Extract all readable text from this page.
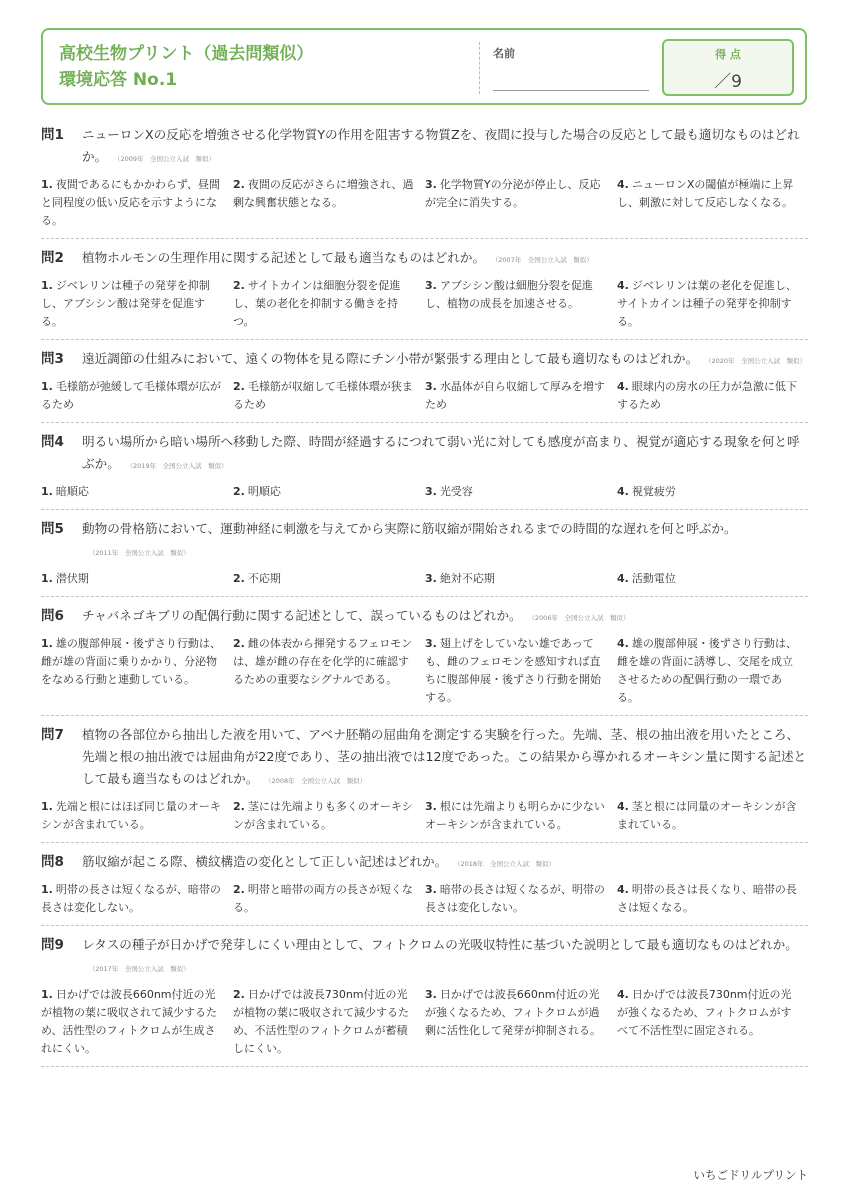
高校生物プリント（過去問類似）
環境応答 No.1
名前	得 点
／9
問1	ニューロンXの反応を増強させる化学物質Yの作用を阻害する物質Zを、夜間に投与した場合の反応として最も適切なものはどれか。 （2009年　全国公立入試　類似）
1. 夜間であるにもかかわらず、昼間と同程度の低い反応を示すようになる。
2. 夜間の反応がさらに増強され、過剰な興奮状態となる。
3. 化学物質Yの分泌が停止し、反応が完全に消失する。
4. ニューロンXの閾値が極端に上昇し、刺激に対して反応しなくなる。
問2	植物ホルモンの生理作用に関する記述として最も適当なものはどれか。 （2007年　全国公立入試　類似）
1. ジベレリンは種子の発芽を抑制し、アブシシン酸は発芽を促進する。
2. サイトカインは細胞分裂を促進し、葉の老化を抑制する働きを持つ。
3. アブシシン酸は細胞分裂を促進し、植物の成長を加速させる。
4. ジベレリンは葉の老化を促進し、サイトカインは種子の発芽を抑制する。
問3	遠近調節の仕組みにおいて、遠くの物体を見る際にチン小帯が緊張する理由として最も適切なものはどれか。 （2020年　全国公立入試　類似）
1. 毛様筋が弛緩して毛様体環が広がるため
2. 毛様筋が収縮して毛様体環が狭まるため
3. 水晶体が自ら収縮して厚みを増すため
4. 眼球内の房水の圧力が急激に低下するため
問4	明るい場所から暗い場所へ移動した際、時間が経過するにつれて弱い光に対しても感度が高まり、視覚が適応する現象を何と呼ぶか。 （2019年　全国公立入試　類似）
1. 暗順応	2. 明順応	3. 光受容	4. 視覚疲労
問5	動物の骨格筋において、運動神経に刺激を与えてから実際に筋収縮が開始されるまでの時間的な遅れを何と呼ぶか。（2011年　全国公立入試　類似）
1. 潜伏期	2. 不応期	3. 絶対不応期	4. 活動電位
問6	チャバネゴキブリの配偶行動に関する記述として、誤っているものはどれか。 （2006年　全国公立入試　類似）
1. 雄の腹部伸展・後ずさり行動は、雌が雄の背面に乗りかかり、分泌物をなめる行動と連動している。
2. 雌の体表から揮発するフェロモンは、雄が雌の存在を化学的に確認するための重要なシグナルである。
3. 翅上げをしていない雄であっても、雌のフェロモンを感知すれば直ちに腹部伸展・後ずさり行動を開始する。
4. 雄の腹部伸展・後ずさり行動は、雌を雄の背面に誘導し、交尾を成立させるための配偶行動の一環である。
問7	植物の各部位から抽出した液を用いて、アベナ胚鞘の屈曲角を測定する実験を行った。先端、茎、根の抽出液を用いたところ、先端と根の抽出液では屈曲角が22度であり、茎の抽出液では12度であった。この結果から導かれるオーキシン量に関する記述として最も適当なものはどれか。 （2008年　全国公立入試　類似）
1. 先端と根にはほぼ同じ量のオーキシンが含まれている。
2. 茎には先端よりも多くのオーキシンが含まれている。
3. 根には先端よりも明らかに少ないオーキシンが含まれている。
4. 茎と根には同量のオーキシンが含まれている。
問8	筋収縮が起こる際、横紋構造の変化として正しい記述はどれか。 （2018年　全国公立入試　類似）
1. 明帯の長さは短くなるが、暗帯の長さは変化しない。
2. 明帯と暗帯の両方の長さが短くなる。
3. 暗帯の長さは短くなるが、明帯の長さは変化しない。
4. 明帯の長さは長くなり、暗帯の長さは短くなる。
問9	レタスの種子が日かげで発芽しにくい理由として、フィトクロムの光吸収特性に基づいた説明として最も適切なものはどれか。（2017年　全国公立入試　類似）
1. 日かげでは波長660nm付近の光が植物の葉に吸収されて減少するため、活性型のフィトクロムが生成されにくい。
2. 日かげでは波長730nm付近の光が植物の葉に吸収されて減少するため、不活性型のフィトクロムが蓄積しにくい。
3. 日かげでは波長660nm付近の光が強くなるため、フィトクロムが過剰に活性化して発芽が抑制される。
4. 日かげでは波長730nm付近の光が強くなるため、フィトクロムがすべて不活性型に固定される。
いちごドリルプリント
